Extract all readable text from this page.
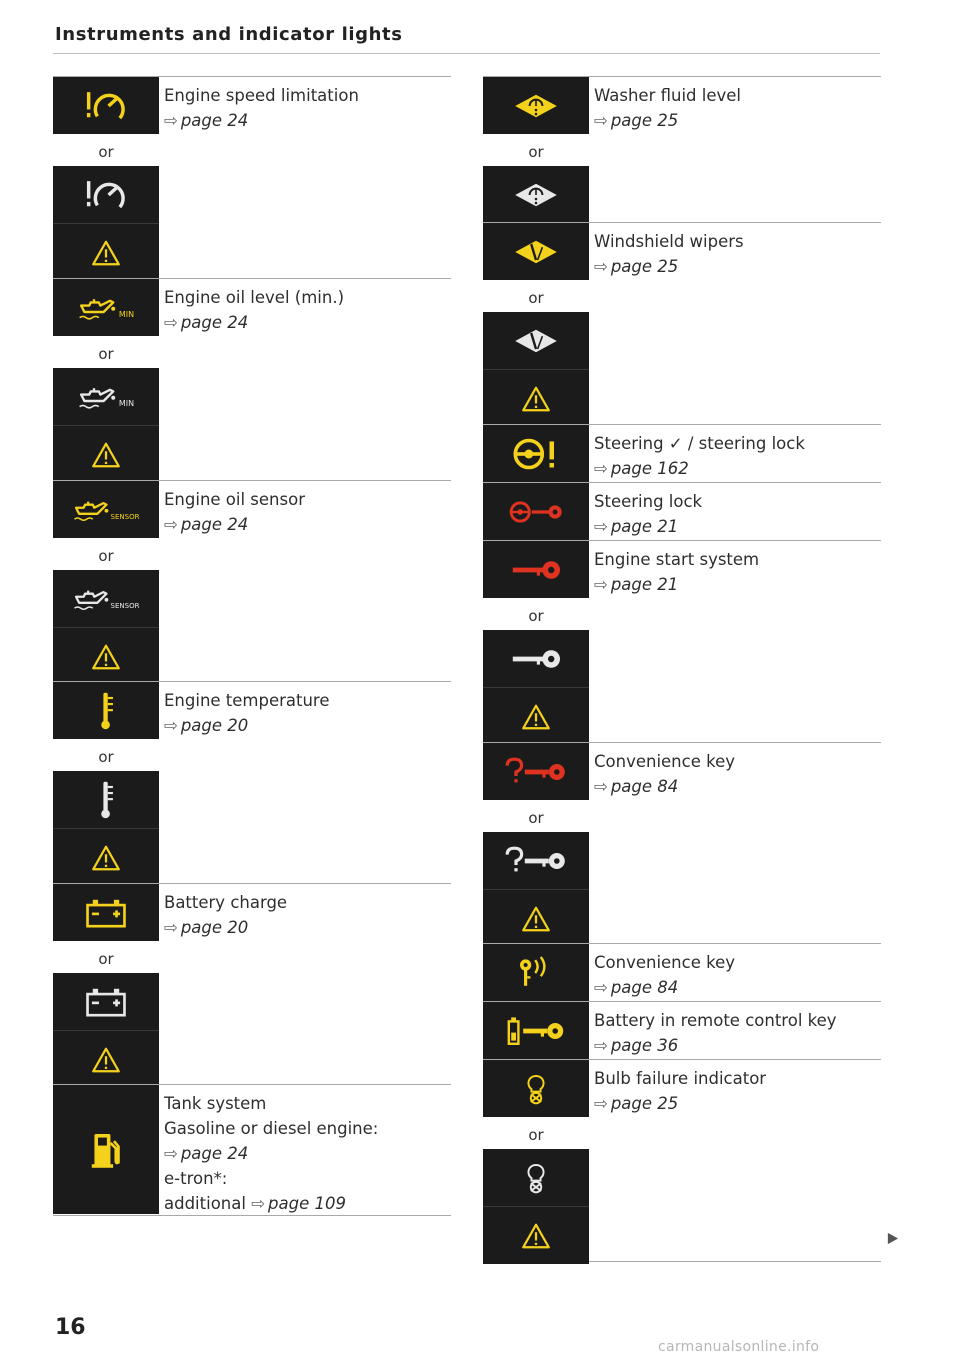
Instruments and indicator lights
or
Engine speed limitation
⇨ page 24
MIN
or
MIN
Engine oil level (min.)
⇨ page 24
SENSOR
or
SENSOR
Engine oil sensor
⇨ page 24
or
Engine temperature
⇨ page 20
or
Battery charge
⇨ page 20
Tank system
Gasoline or diesel engine:
⇨ page 24
e-tron*:
additional ⇨ page 109
or
Washer fluid level
⇨ page 25
or
Windshield wipers
⇨ page 25
Steering ✓ / steering lock
⇨ page 162
Steering lock
⇨ page 21
or
Engine start system
⇨ page 21
or
Convenience key
⇨ page 84
Convenience key
⇨ page 84
Battery in remote control key
⇨ page 36
or
Bulb failure indicator
⇨ page 25
16
carmanualsonline.info
